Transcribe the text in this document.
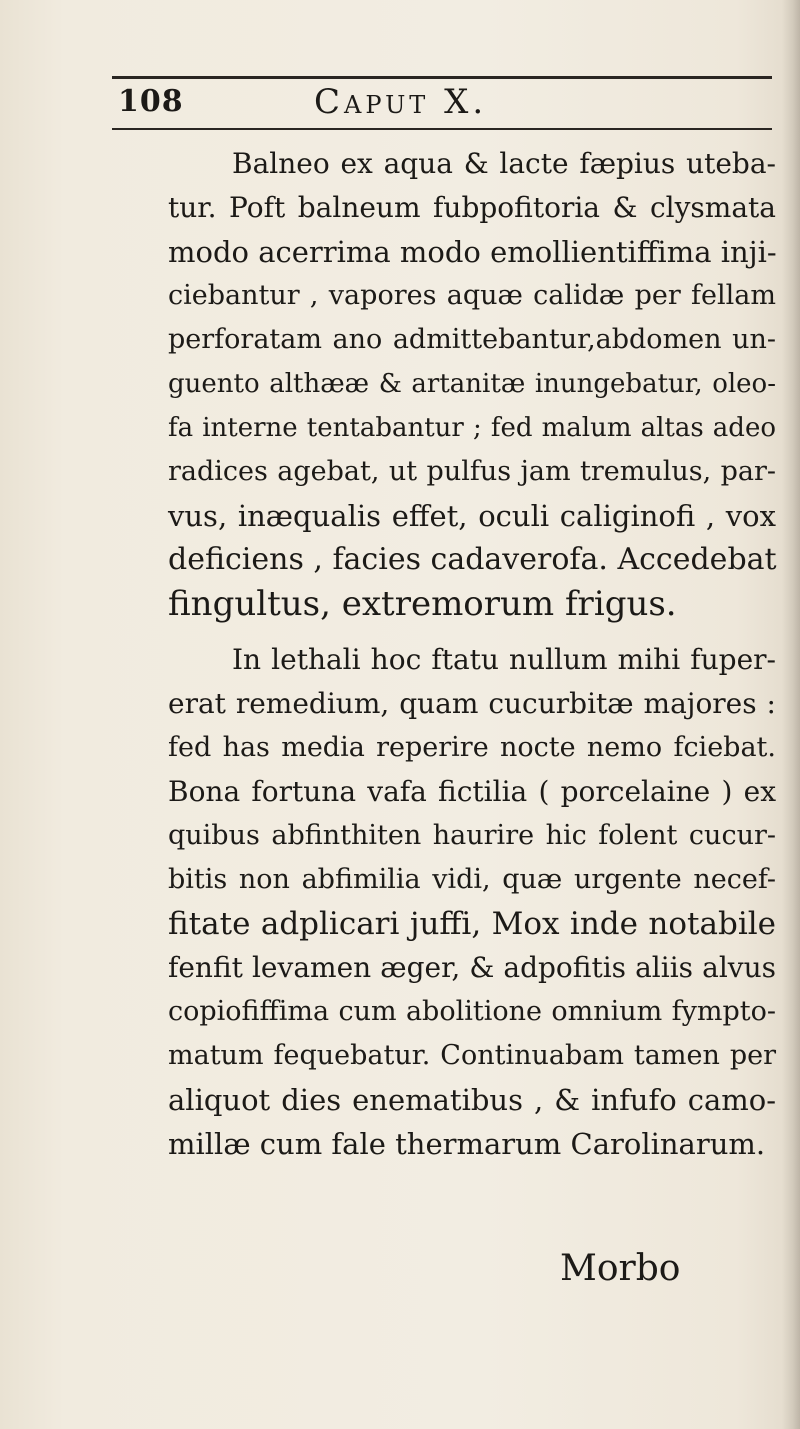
108	Caput X.
Balneo ex aqua & lacte fæpius uteba-
tur. Poft balneum fubpofitoria & clysmata
modo acerrima modo emollientiffima inji-
ciebantur , vapores aquæ calidæ per fellam
perforatam ano admittebantur,abdomen un-
guento althææ & artanitæ inungebatur, oleo-
fa interne tentabantur ; fed malum altas adeo
radices agebat, ut pulfus jam tremulus, par-
vus, inæqualis effet, oculi caliginofi , vox
deficiens , facies cadaverofa. Accedebat
fingultus, extremorum frigus.
In lethali hoc ftatu nullum mihi fuper-
erat remedium, quam cucurbitæ majores :
fed has media reperire nocte nemo fciebat.
Bona fortuna vafa fictilia ( porcelaine ) ex
quibus abfinthiten haurire hic folent cucur-
bitis non abfimilia vidi, quæ urgente necef-
fitate adplicari juffi, Mox inde notabile
fenfit levamen æger, & adpofitis aliis alvus
copiofiffima cum abolitione omnium fympto-
matum fequebatur. Continuabam tamen per
aliquot dies enematibus , & infufo camo-
millæ cum fale thermarum Carolinarum.
Morbo
